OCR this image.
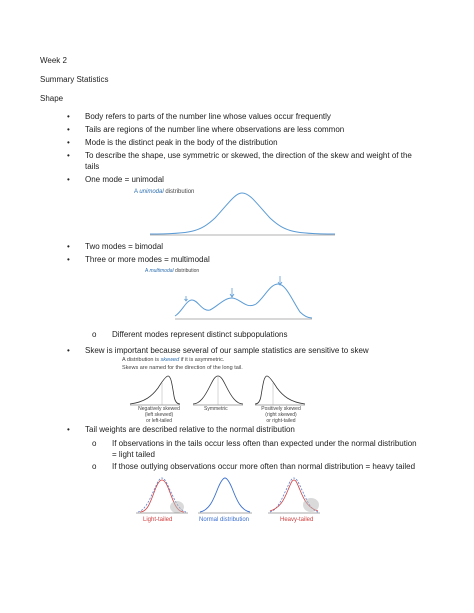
Week 2
Summary Statistics
Shape
• Body refers to parts of the number line whose values occur frequently
• Tails are regions of the number line where observations are less common
• Mode is the distinct peak in the body of the distribution
• To describe the shape, use symmetric or skewed, the direction of the skew and weight of the
tails
• One mode = unimodal
A unimodal distribution
• Two modes = bimodal
• Three or more modes = multimodal
A multimodal distribution
o Different modes represent distinct subpopulations
• Skew is important because several of our sample statistics are sensitive to skew
A distribution is skewed if it is asymmetric.
Skews are named for the direction of the long tail.
Negatively skewed
(left skewed)
or left-tailed
Symmetric	Positively skewed
(right skewed)
or right-tailed
• Tail weights are described relative to the normal distribution
o If observations in the tails occur less often than expected under the normal distribution
= light tailed
o If those outlying observations occur more often than normal distribution = heavy tailed
Light-tailed	Normal distribution	Heavy-tailed
